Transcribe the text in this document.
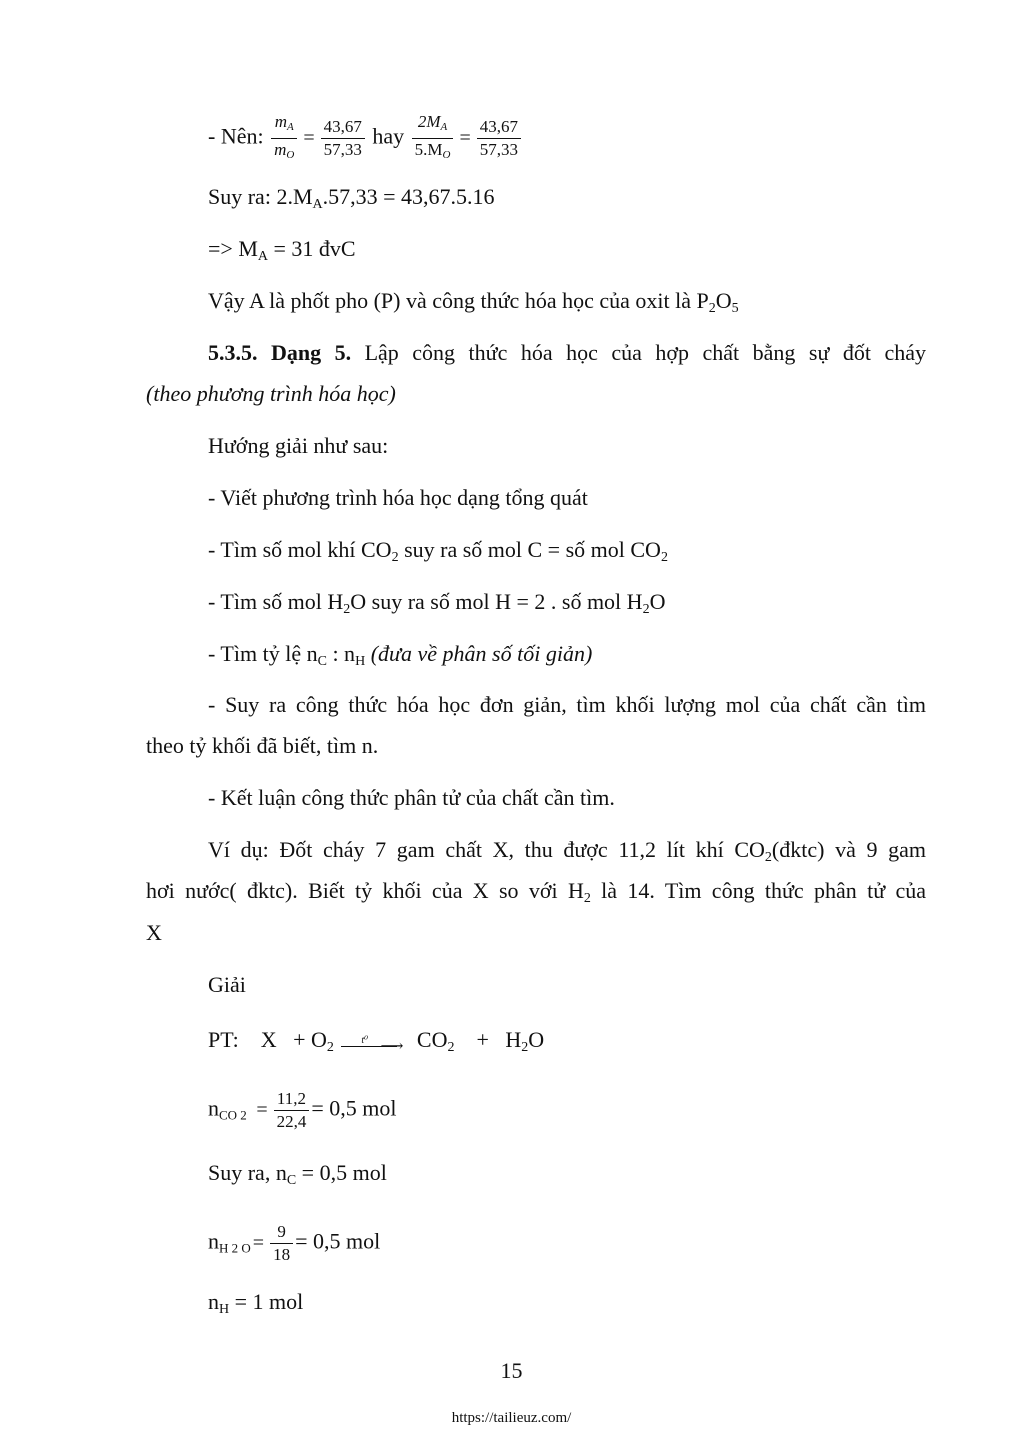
- Nên: $\frac{mA}{mO} = \frac{43,67}{57,33}$ hay $\frac{2MA}{5.MO} = \frac{43,67}{57,33}$
Suy ra: $2.M_A.57,33 = 43,67.5.16$
=> $M_A = 31$ đvC
Vậy A là phốt pho (P) và công thức hóa học của oxit là $P_2O_5$
5.3.5. Dạng 5. Lập công thức hóa học của hợp chất bằng sự đốt cháy
(theo phương trình hóa học)
Hướng giải như sau:
- Viết phương trình hóa học dạng tổng quát
- Tìm số mol khí $CO_2$ suy ra số mol C = số mol $CO_2$
- Tìm số mol $H_2O$ suy ra số mol H = 2 . số mol $H_2O$
- Tìm tỷ lệ $n_C$ : $n_H$ (đưa về phân số tối giản)
- Suy ra công thức hóa học đơn giản, tìm khối lượng mol của chất cần tìm
theo tỷ khối đã biết, tìm n.
- Kết luận công thức phân tử của chất cần tìm.
Ví dụ: Đốt cháy 7 gam chất X, thu được 11,2 lít khí $CO_2(đktc)$ và 9 gam
hơi nước( đktc). Biết tỷ khối của X so với $H_2$ là 14. Tìm công thức phân tử của
X
Giải
PT: $X + O_2$	t⁰ ⟶ $CO_2 + H_2O$
$n_{CO 2} = \frac{11,2}{22,4} = 0,5$ mol
Suy ra, $n_C = 0,5$ mol
$n_{H 2 O} = \frac{9}{18} = 0,5$ mol
$n_H = 1$ mol
15
https://tailieuz.com/
